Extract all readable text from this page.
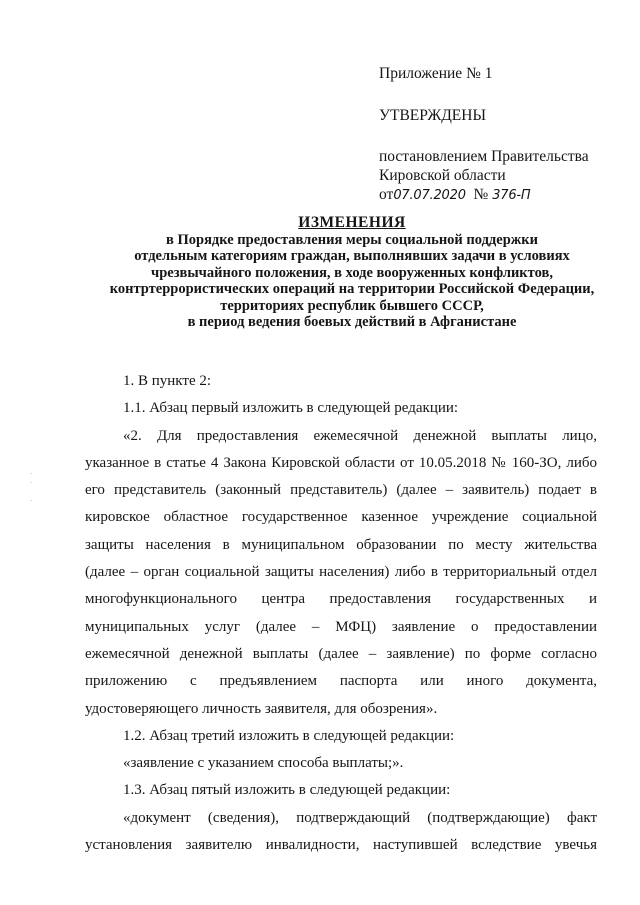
Приложение № 1
УТВЕРЖДЕНЫ
постановлением Правительства
Кировской области
от07.07.2020 № 376-П
ИЗМЕНЕНИЯ
в Порядке предоставления меры социальной поддержки
отдельным категориям граждан, выполнявших задачи в условиях
чрезвычайного положения, в ходе вооруженных конфликтов,
контртеррористических операций на территории Российской Федерации,
территориях республик бывшего СССР,
в период ведения боевых действий в Афганистане
·
·

·

1. В пункте 2:

1.1. Абзац первый изложить в следующей редакции:

«2. Для предоставления ежемесячной денежной выплаты лицо,

указанное в статье 4 Закона Кировской области от 10.05.2018 № 160-ЗО, либо

его представитель (законный представитель) (далее – заявитель) подает в

кировское областное государственное казенное учреждение социальной

защиты населения в муниципальном образовании по месту жительства

(далее – орган социальной защиты населения) либо в территориальный отдел

многофункционального центра предоставления государственных и

муниципальных услуг (далее – МФЦ) заявление о предоставлении

ежемесячной денежной выплаты (далее – заявление) по форме согласно

приложению с предъявлением паспорта или иного документа,

удостоверяющего личность заявителя, для обозрения».

1.2. Абзац третий изложить в следующей редакции:

«заявление с указанием способа выплаты;».

1.3. Абзац пятый изложить в следующей редакции:

«документ (сведения), подтверждающий (подтверждающие) факт

установления заявителю инвалидности, наступившей вследствие увечья
